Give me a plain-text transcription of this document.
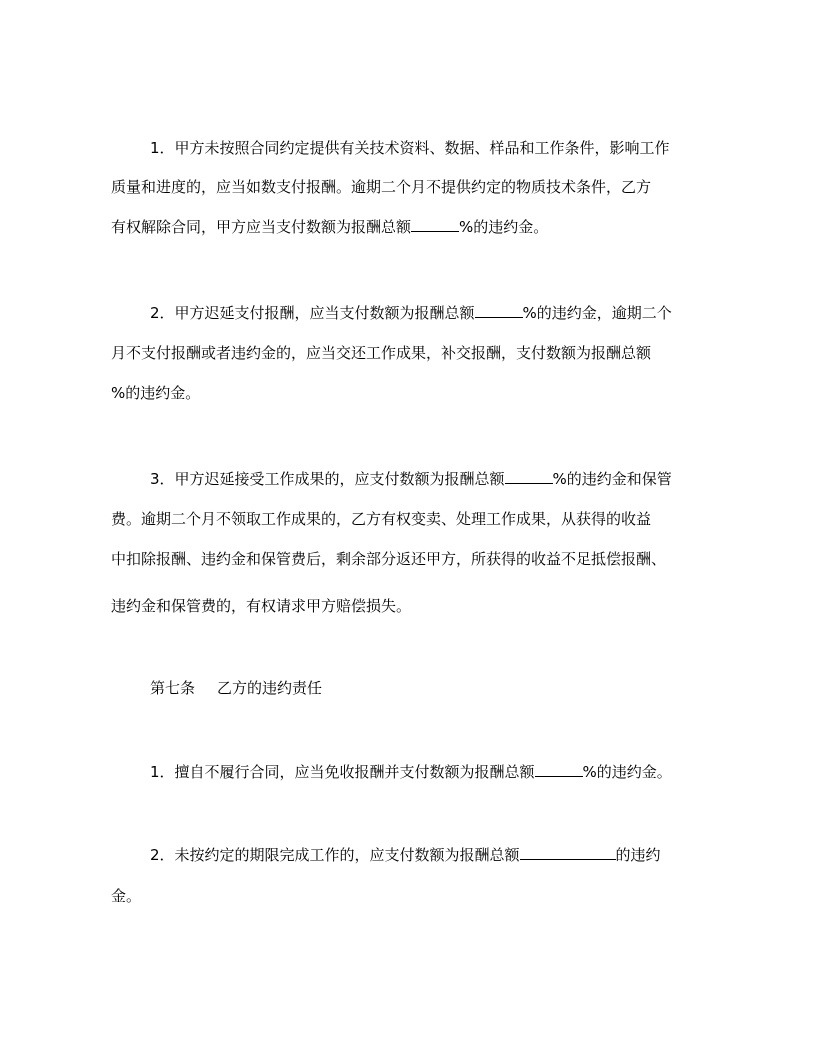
1．甲方未按照合同约定提供有关技术资料、数据、样品和工作条件，影响工作
质量和进度的，应当如数支付报酬。逾期二个月不提供约定的物质技术条件，乙方
有权解除合同，甲方应当支付数额为报酬总额	%的违约金。
2．甲方迟延支付报酬，应当支付数额为报酬总额	%的违约金，逾期二个
月不支付报酬或者违约金的，应当交还工作成果，补交报酬，支付数额为报酬总额
%的违约金。
3．甲方迟延接受工作成果的，应支付数额为报酬总额	%的违约金和保管
费。逾期二个月不领取工作成果的，乙方有权变卖、处理工作成果，从获得的收益
中扣除报酬、违约金和保管费后，剩余部分返还甲方，所获得的收益不足抵偿报酬、
违约金和保管费的，有权请求甲方赔偿损失。
第七条 乙方的违约责任
1．擅自不履行合同，应当免收报酬并支付数额为报酬总额	%的违约金。
2．未按约定的期限完成工作的，应支付数额为报酬总额	的违约
金。
